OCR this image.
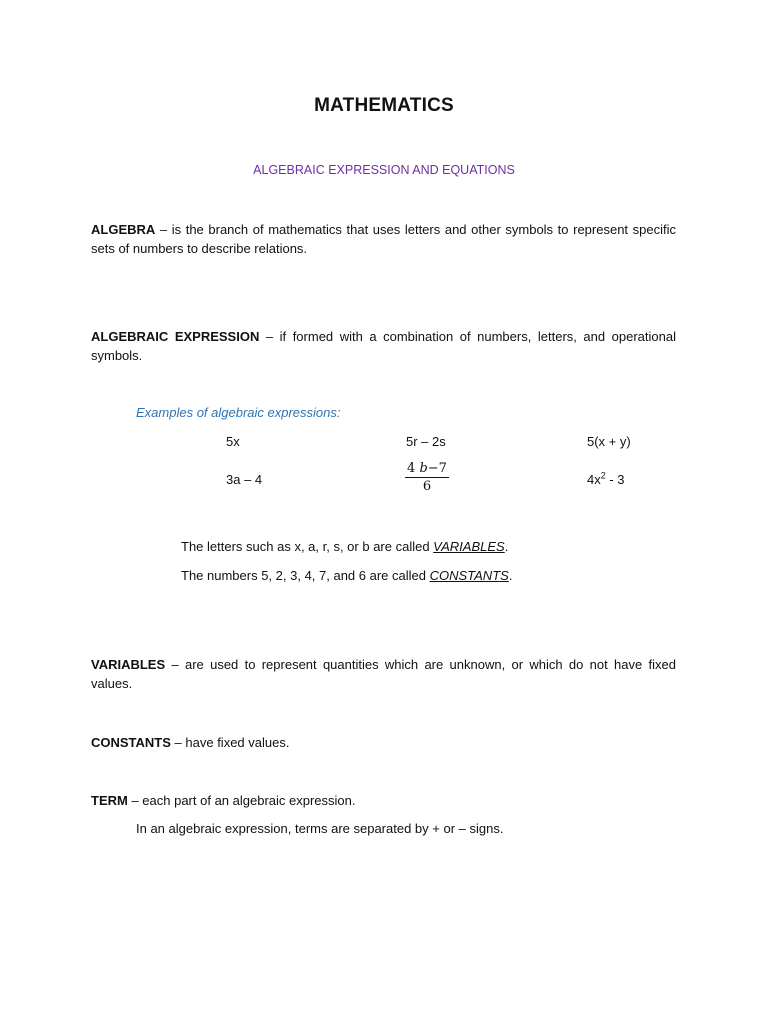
MATHEMATICS
ALGEBRAIC EXPRESSION AND EQUATIONS
ALGEBRA – is the branch of mathematics that uses letters and other symbols to represent specific sets of numbers to describe relations.
ALGEBRAIC EXPRESSION – if formed with a combination of numbers, letters, and operational symbols.
Examples of algebraic expressions:
5x	5r – 2s	5(x + y)
3a – 4	$\frac{4 b-7}{6}$	$4x^2 - 3$
The letters such as x, a, r, s, or b are called VARIABLES.
The numbers 5, 2, 3, 4, 7, and 6 are called CONSTANTS.
VARIABLES – are used to represent quantities which are unknown, or which do not have fixed values.
CONSTANTS – have fixed values.
TERM – each part of an algebraic expression.
In an algebraic expression, terms are separated by + or – signs.
